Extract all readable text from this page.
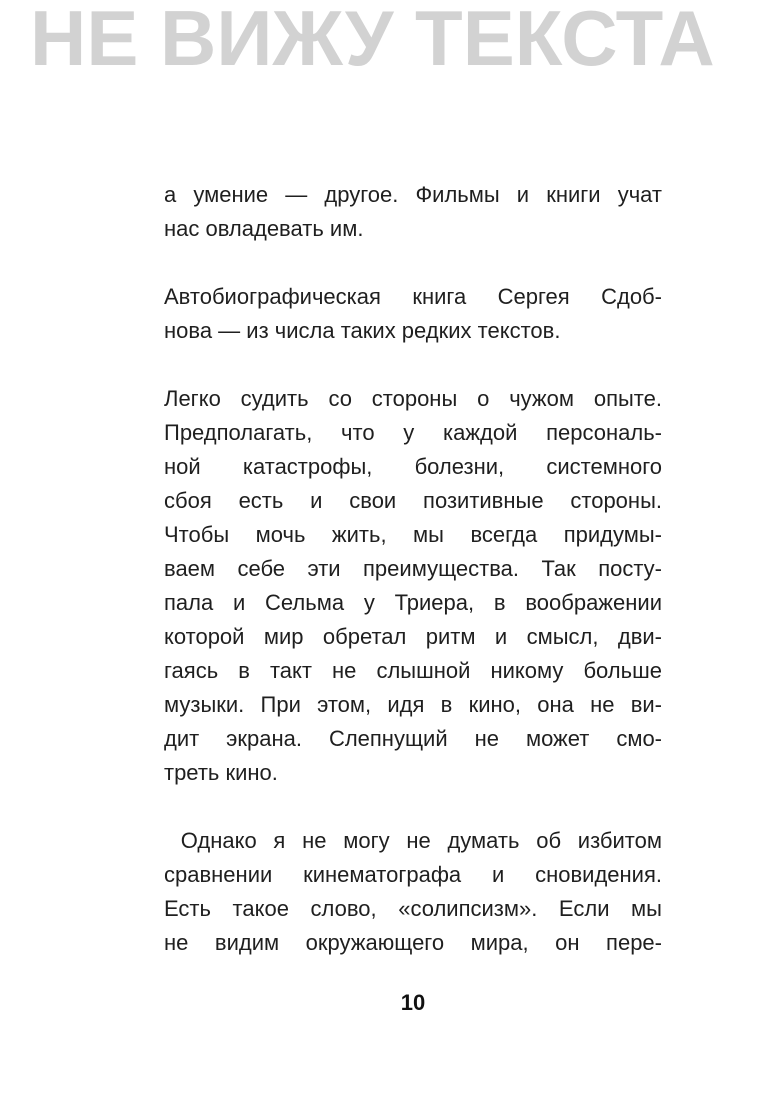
НЕ ВИЖУ ТЕКСТА
а умение — другое. Фильмы и книги учат
нас овладевать им.
Автобиографическая книга Сергея Сдоб-
нова — из числа таких редких текстов.
Легко судить со стороны о чужом опыте.
Предполагать, что у каждой персональ-
ной катастрофы, болезни, системного
сбоя есть и свои позитивные стороны.
Чтобы мочь жить, мы всегда придумы-
ваем себе эти преимущества. Так посту-
пала и Сельма у Триера, в воображении
которой мир обретал ритм и смысл, дви-
гаясь в такт не слышной никому больше
музыки. При этом, идя в кино, она не ви-
дит экрана. Слепнущий не может смо-
треть кино.
Однако я не могу не думать об избитом
сравнении кинематографа и сновидения.
Есть такое слово, «солипсизм». Если мы
не видим окружающего мира, он пере-
10
